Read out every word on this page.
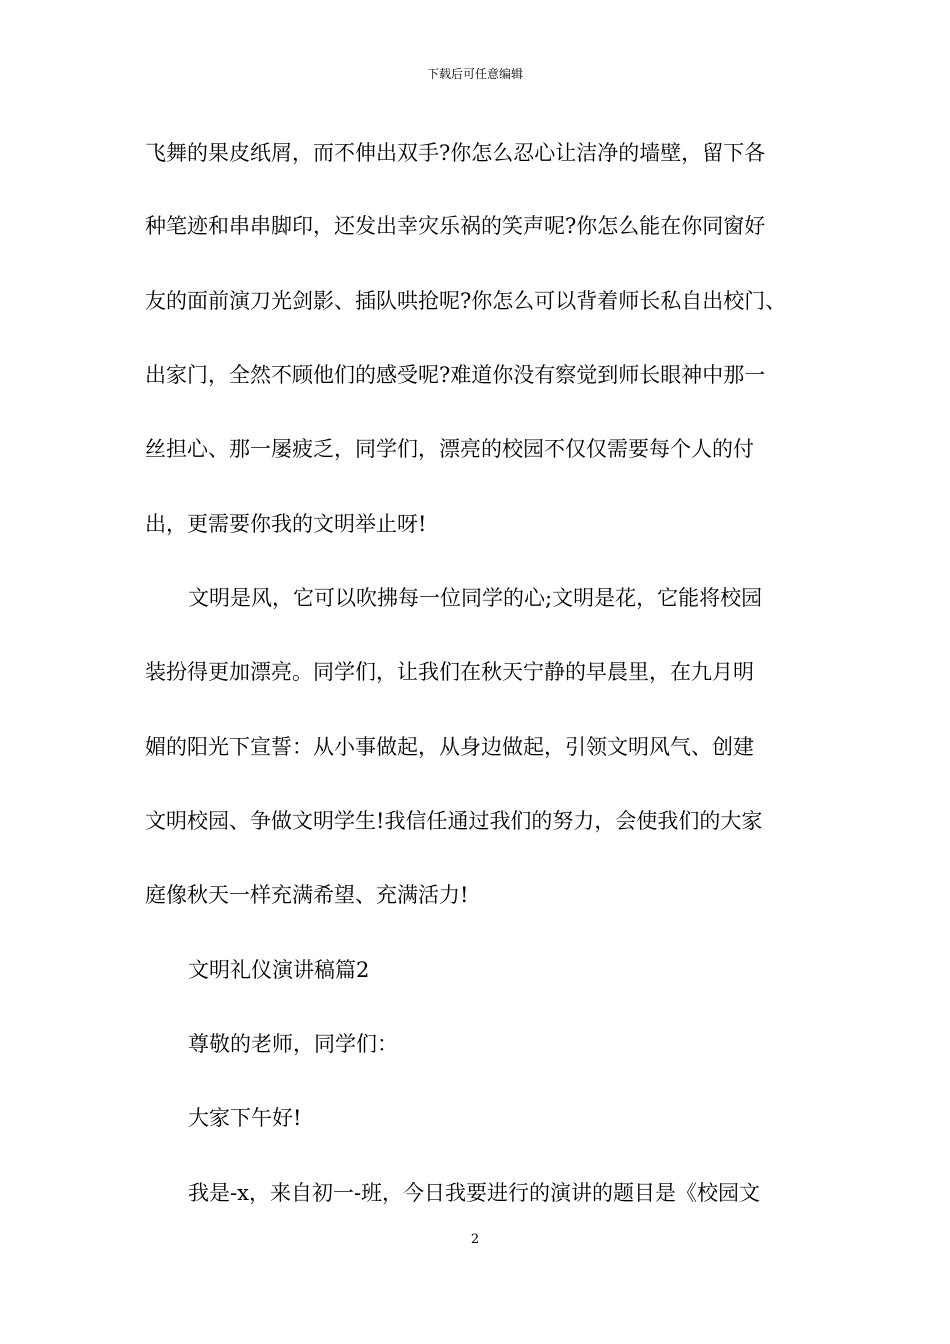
下载后可任意编辑
飞舞的果皮纸屑，而不伸出双手?你怎么忍心让洁净的墙壁，留下各
种笔迹和串串脚印，还发出幸灾乐祸的笑声呢?你怎么能在你同窗好
友的面前演刀光剑影、插队哄抢呢?你怎么可以背着师长私自出校门、
出家门，全然不顾他们的感受呢?难道你没有察觉到师长眼神中那一
丝担心、那一屡疲乏，同学们，漂亮的校园不仅仅需要每个人的付
出，更需要你我的文明举止呀!
文明是风，它可以吹拂每一位同学的心;文明是花，它能将校园
装扮得更加漂亮。同学们，让我们在秋天宁静的早晨里，在九月明
媚的阳光下宣誓：从小事做起，从身边做起，引领文明风气、创建
文明校园、争做文明学生!我信任通过我们的努力，会使我们的大家
庭像秋天一样充满希望、充满活力!
文明礼仪演讲稿篇2
尊敬的老师，同学们：
大家下午好!
我是-x，来自初一-班，今日我要进行的演讲的题目是《校园文
2
